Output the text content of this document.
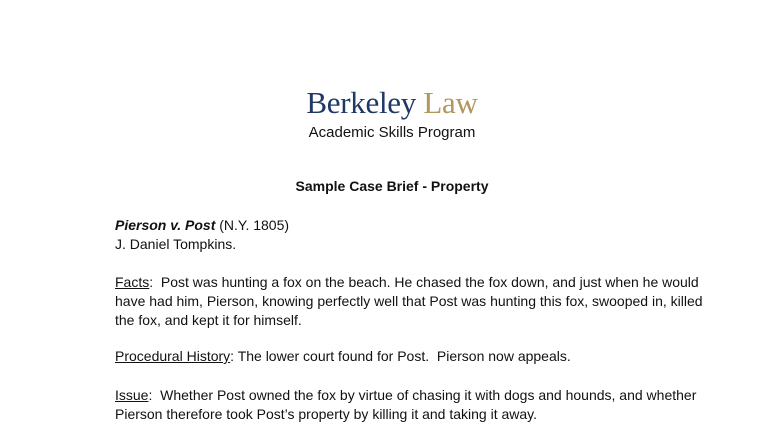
Berkeley Law
Academic Skills Program
Sample Case Brief - Property
Pierson v. Post (N.Y. 1805)
J. Daniel Tompkins.
Facts:  Post was hunting a fox on the beach. He chased the fox down, and just when he would have had him, Pierson, knowing perfectly well that Post was hunting this fox, swooped in, killed the fox, and kept it for himself.
Procedural History: The lower court found for Post.  Pierson now appeals.
Issue:  Whether Post owned the fox by virtue of chasing it with dogs and hounds, and whether Pierson therefore took Post’s property by killing it and taking it away.
